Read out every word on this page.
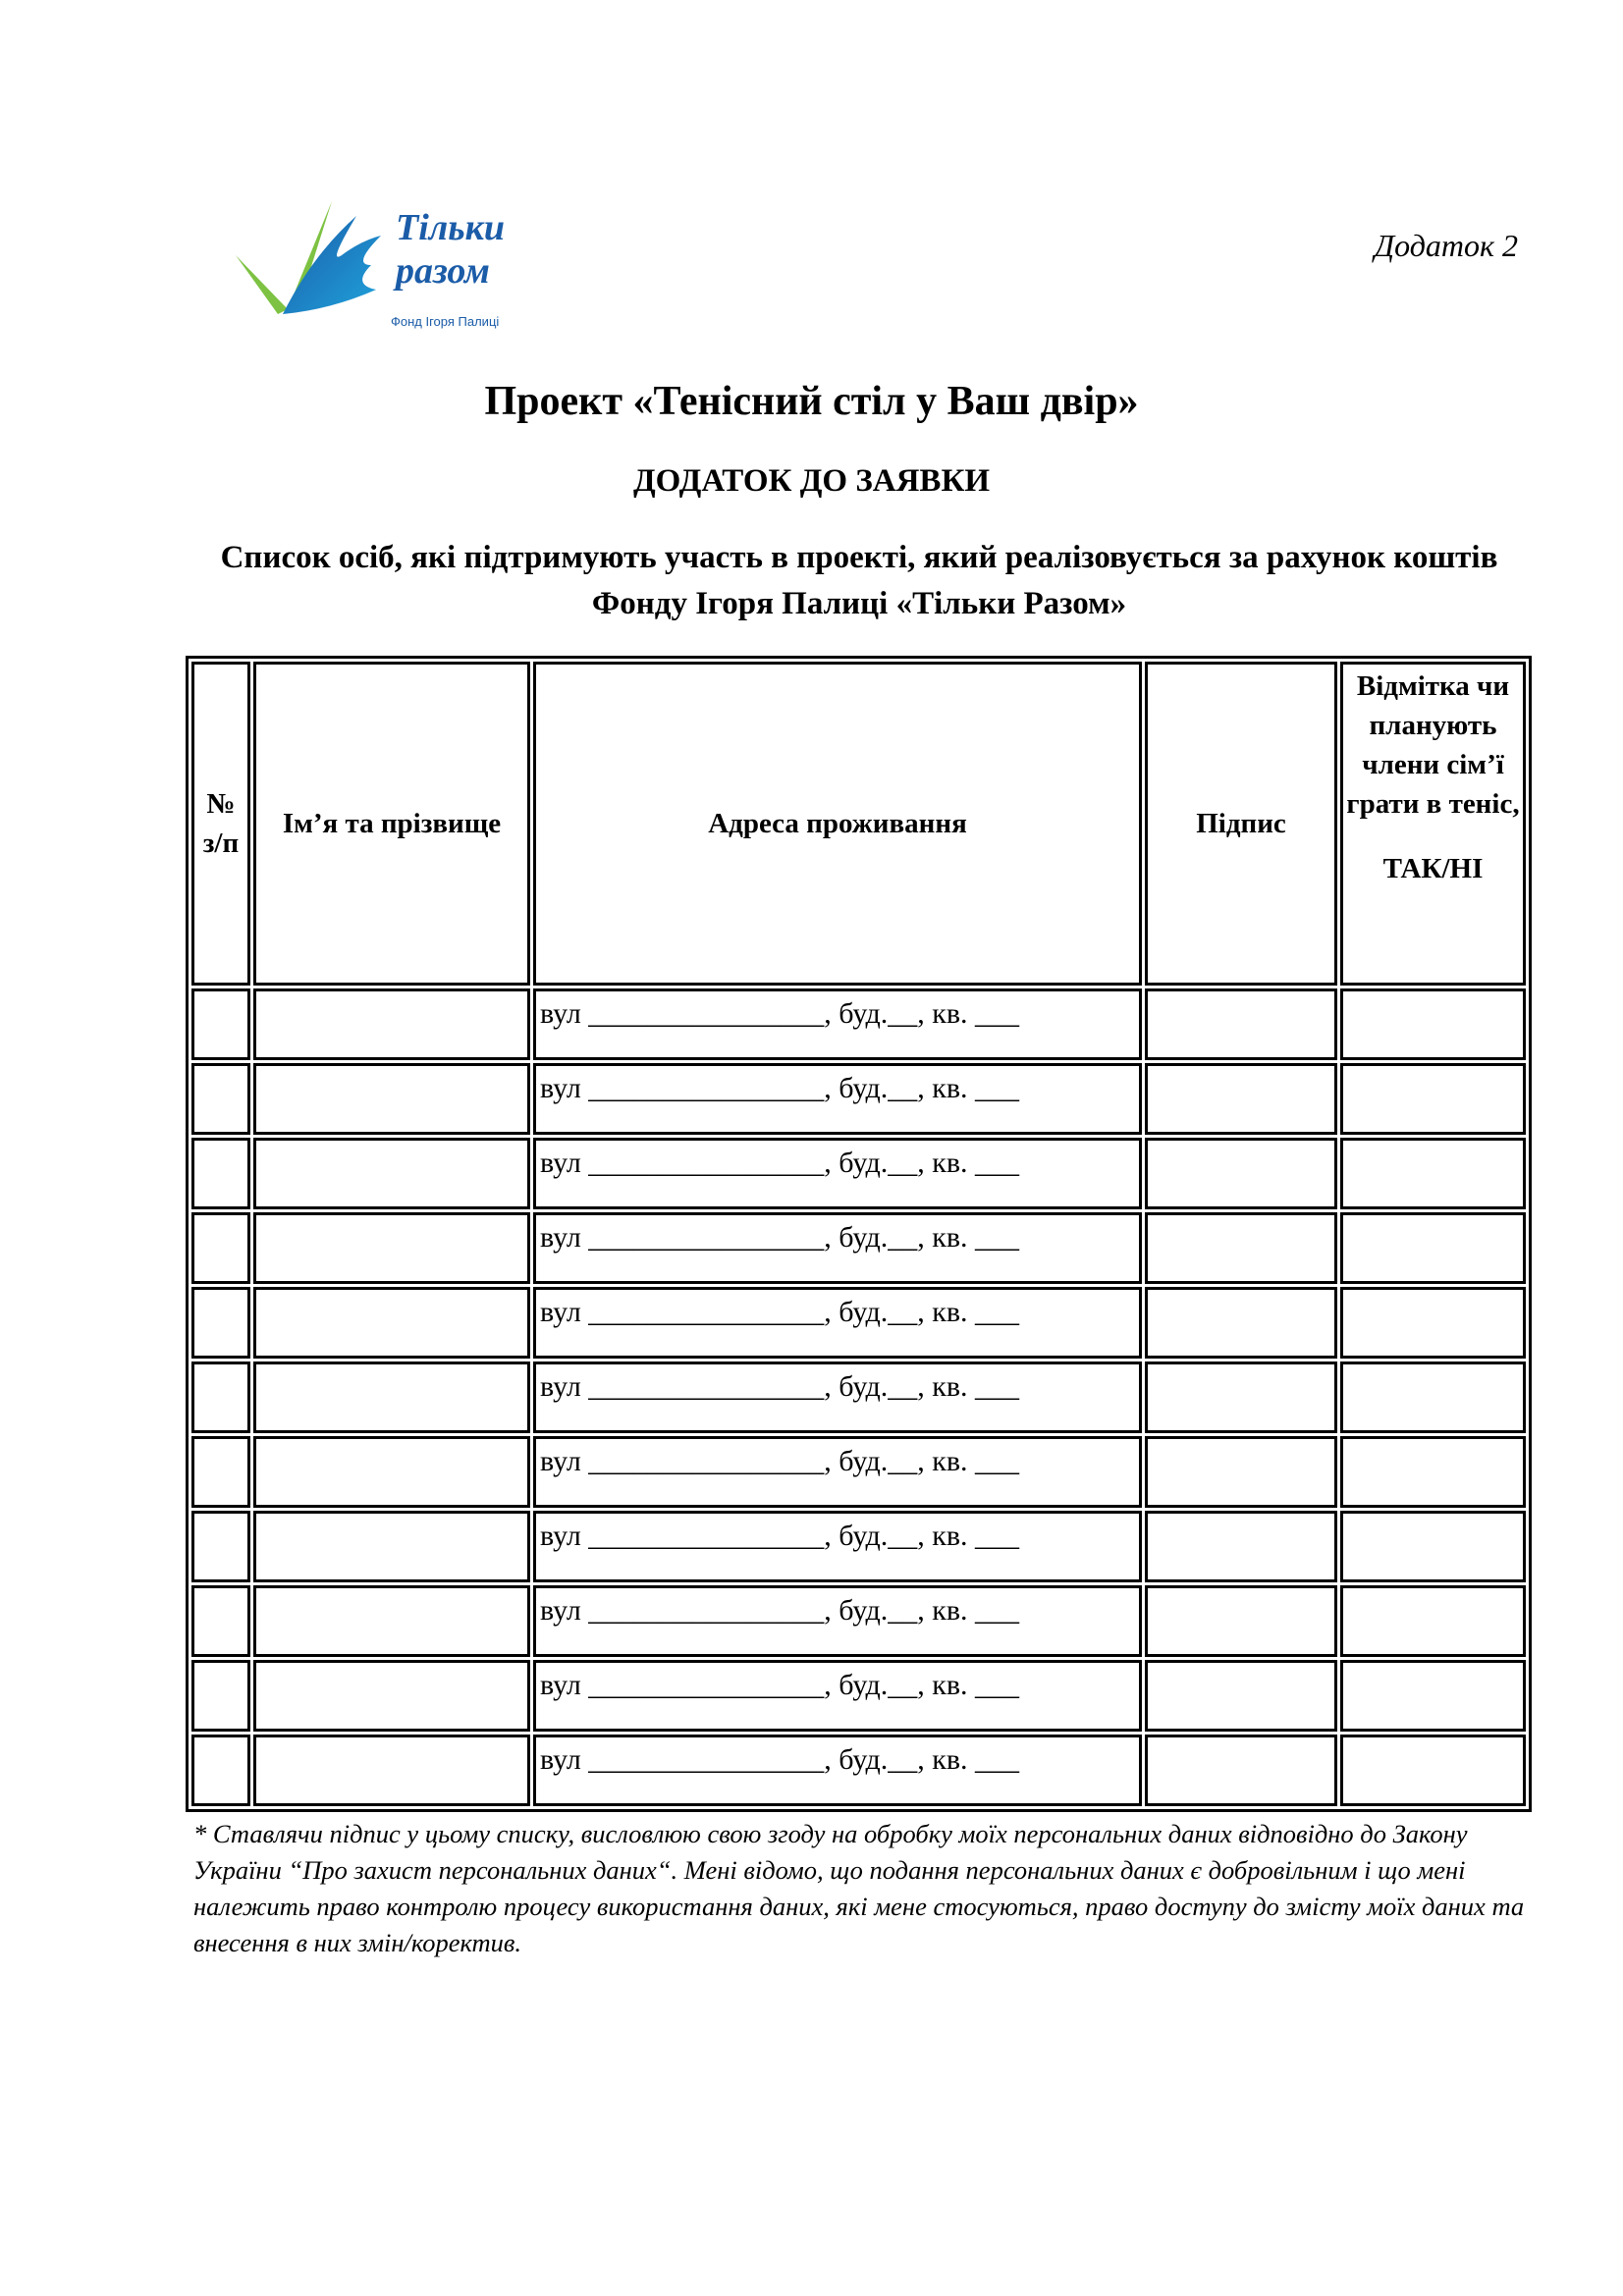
Тільки
разом
Фонд Ігоря Палиці
Додаток 2
Проект «Тенісний стіл у Ваш двір»
ДОДАТОК ДО ЗАЯВКИ
Список осіб, які підтримують участь в проекті, який реалізовується за рахунок коштів Фонду Ігоря Палиці «Тільки Разом»
№ з/п	Ім’я та прізвище	Адреса проживання	Підпис	Відмітка чи планують члени сім’ї грати в теніс,
ТАК/НІ

		вул ________________, буд.__, кв. ___		
		вул ________________, буд.__, кв. ___		
		вул ________________, буд.__, кв. ___		
		вул ________________, буд.__, кв. ___		
		вул ________________, буд.__, кв. ___		
		вул ________________, буд.__, кв. ___		
		вул ________________, буд.__, кв. ___		
		вул ________________, буд.__, кв. ___		
		вул ________________, буд.__, кв. ___		
		вул ________________, буд.__, кв. ___		
		вул ________________, буд.__, кв. ___		
* Ставлячи підпис у цьому списку, висловлюю свою згоду на обробку моїх персональних даних відповідно до Закону України “Про захист персональних даних“. Мені відомо, що подання персональних даних є добровільним і що мені належить право контролю процесу використання даних, які мене стосуються, право доступу до змісту моїх даних та внесення в них змін/коректив.
